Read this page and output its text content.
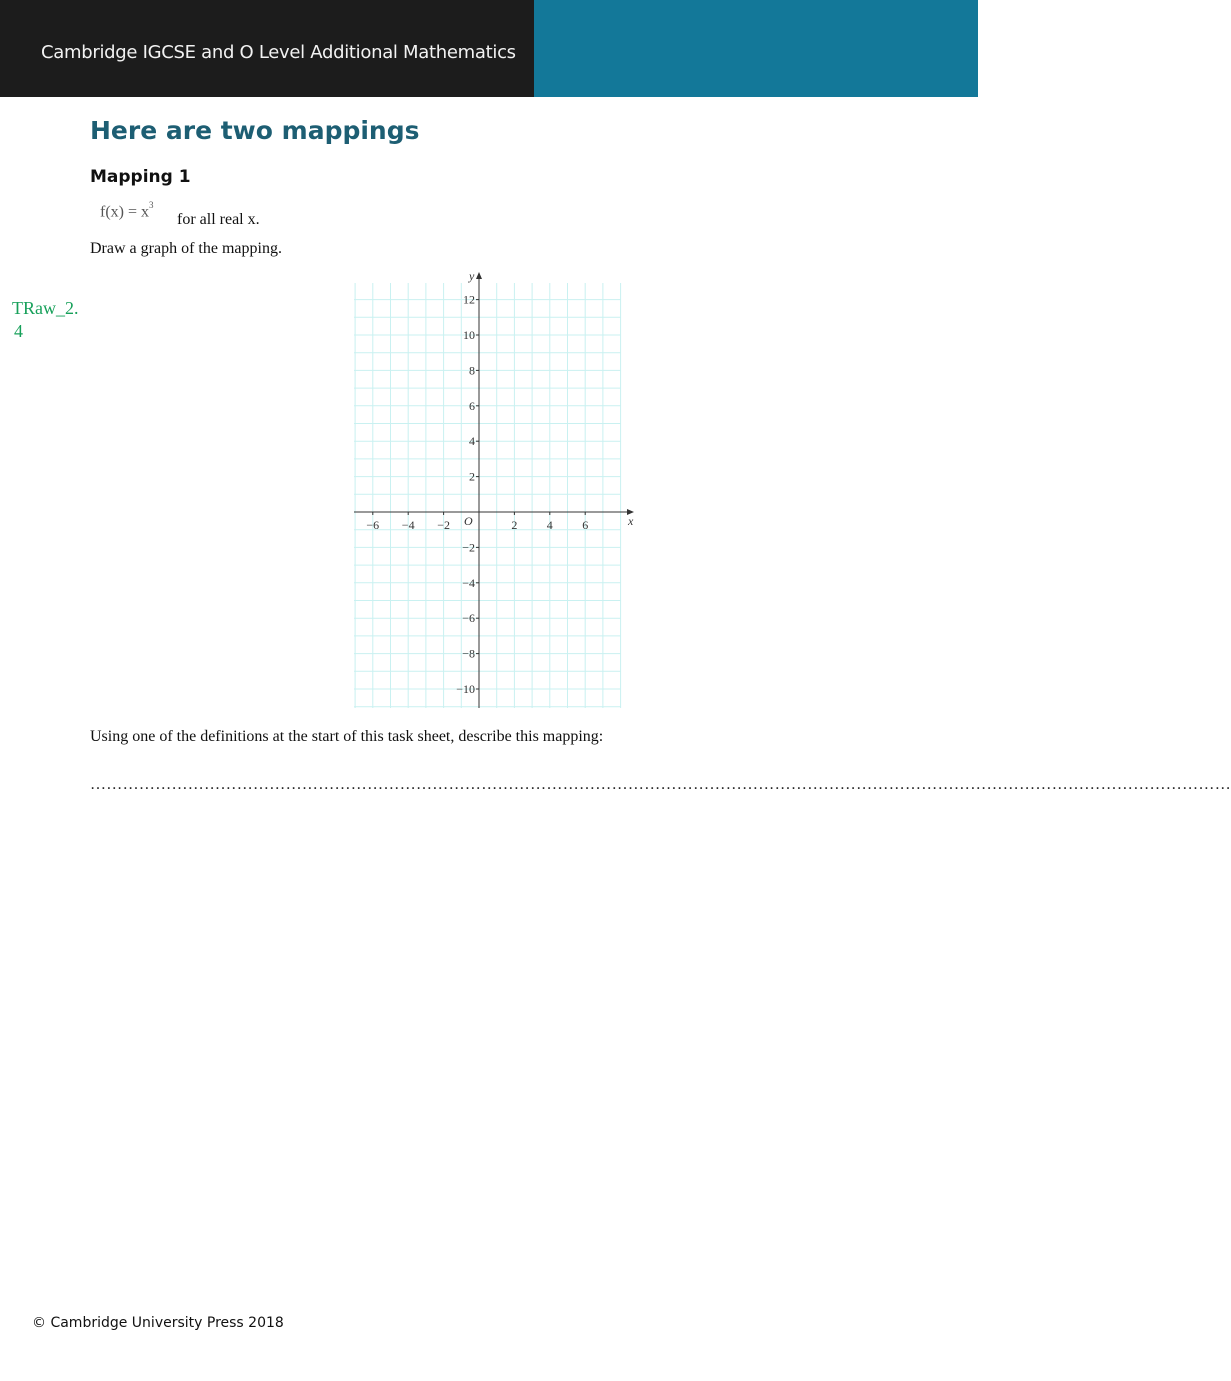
Cambridge IGCSE and O Level Additional Mathematics
Here are two mappings
Mapping 1
$f(x) = x^3$
for all real x.
Draw a graph of the mapping.
TRaw_2.
4
x
y
O
−6 −4 −2	2 4 6
12
10
8
6
4
2
−2
−4
−6
−8
−10
Using one of the definitions at the start of this task sheet, describe this mapping:
…………………………………………………………………………………………………………………………………………………………………………………………
© Cambridge University Press 2018
